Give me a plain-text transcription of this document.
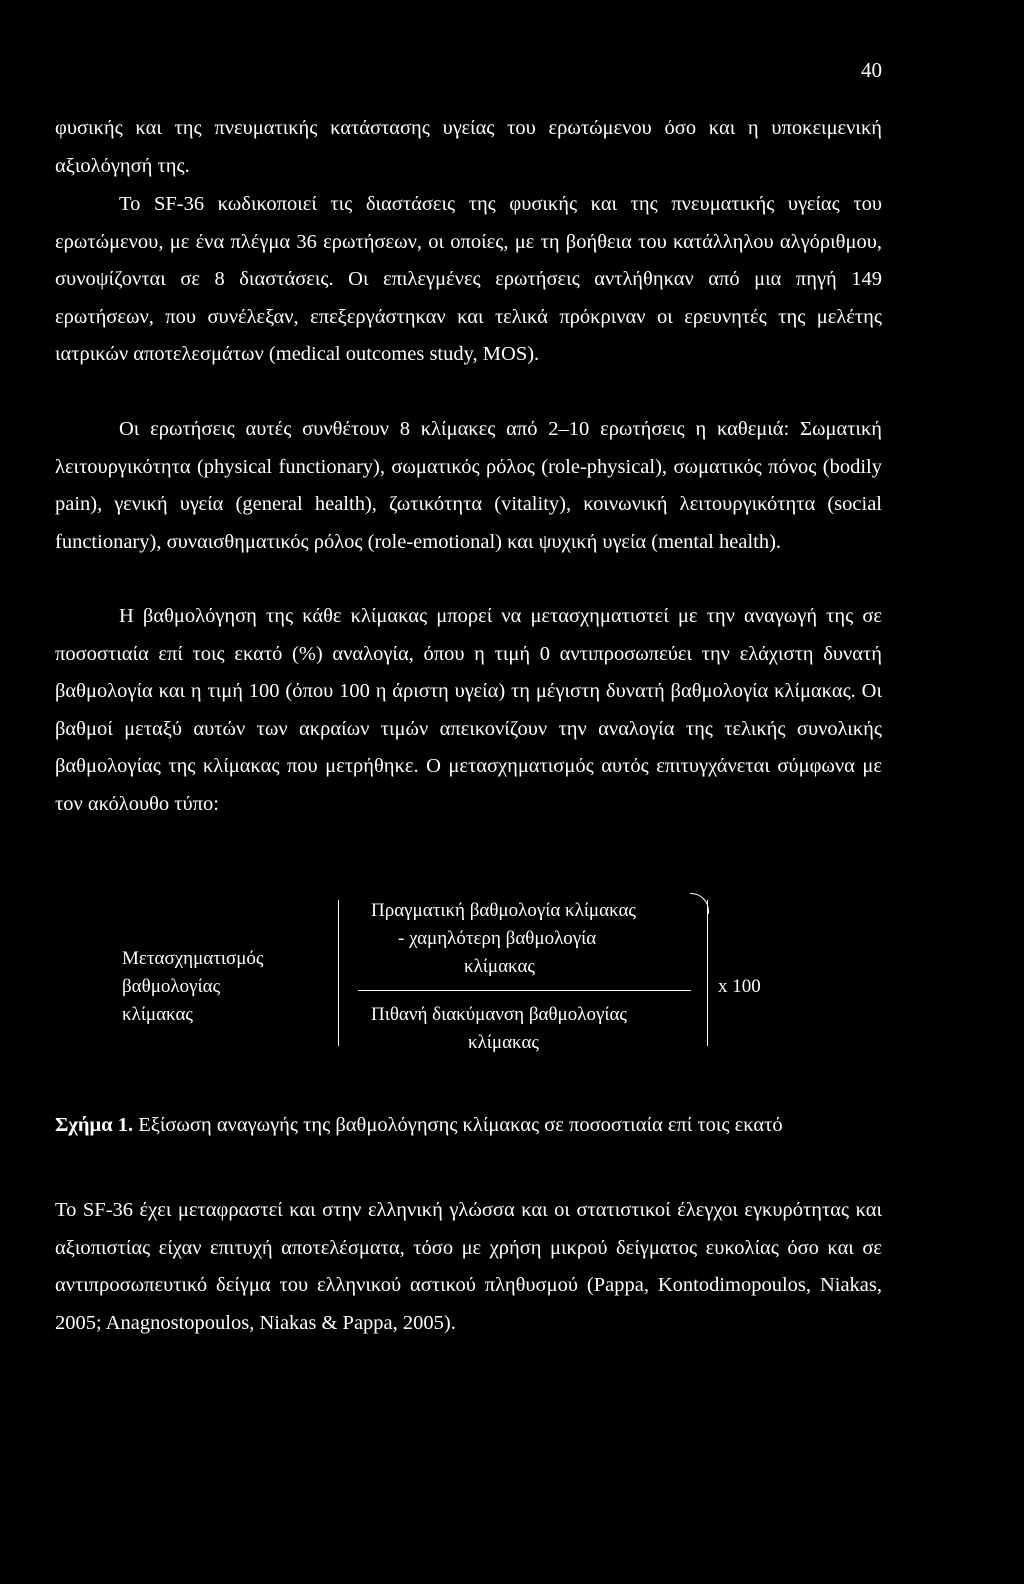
40

φυσικής και της πνευματικής κατάστασης υγείας του ερωτώμενου όσο και η υποκειμενική αξιολόγησή της.

Το SF-36 κωδικοποιεί τις διαστάσεις της φυσικής και της πνευματικής υγείας του ερωτώμενου, με ένα πλέγμα 36 ερωτήσεων, οι οποίες, με τη βοήθεια του κατάλληλου αλγόριθμου, συνοψίζονται σε 8 διαστάσεις. Οι επιλεγμένες ερωτήσεις αντλήθηκαν από μια πηγή 149 ερωτήσεων, που συνέλεξαν, επεξεργάστηκαν και τελικά πρόκριναν οι ερευνητές της μελέτης ιατρικών αποτελεσμάτων (medical outcomes study, MOS).

Οι ερωτήσεις αυτές συνθέτουν 8 κλίμακες από 2–10 ερωτήσεις η καθεμιά: Σωματική λειτουργικότητα (physical functionary), σωματικός ρόλος (role-physical), σωματικός πόνος (bodily pain), γενική υγεία (general health), ζωτικότητα (vitality), κοινωνική λειτουργικότητα (social functionary), συναισθηματικός ρόλος (role-emotional) και ψυχική υγεία (mental health).

Η βαθμολόγηση της κάθε κλίμακας μπορεί να μετασχηματιστεί με την αναγωγή της σε ποσοστιαία επί τοις εκατό (%) αναλογία, όπου η τιμή 0 αντιπροσωπεύει την ελάχιστη δυνατή βαθμολογία και η τιμή 100 (όπου 100 η άριστη υγεία) τη μέγιστη δυνατή βαθμολογία κλίμακας. Οι βαθμοί μεταξύ αυτών των ακραίων τιμών απεικονίζουν την αναλογία της τελικής συνολικής βαθμολογίας της κλίμακας που μετρήθηκε. Ο μετασχηματισμός αυτός επιτυγχάνεται σύμφωνα με τον ακόλουθο τύπο:

Μετασχηματισμός
βαθμολογίας
κλίμακας
Πραγματική βαθμολογία κλίμακας
- χαμηλότερη βαθμολογία
κλίμακας
Πιθανή διακύμανση βαθμολογίας
κλίμακας
x 100
Σχήμα 1. Εξίσωση αναγωγής της βαθμολόγησης κλίμακας σε ποσοστιαία επί τοις εκατό

Το SF-36 έχει μεταφραστεί και στην ελληνική γλώσσα και οι στατιστικοί έλεγχοι εγκυρότητας και αξιοπιστίας είχαν επιτυχή αποτελέσματα, τόσο με χρήση μικρού δείγματος ευκολίας όσο και σε αντιπροσωπευτικό δείγμα του ελληνικού αστικού πληθυσμού (Pappa, Kontodimopoulos, Niakas, 2005; Anagnostopoulos, Niakas & Pappa, 2005).
